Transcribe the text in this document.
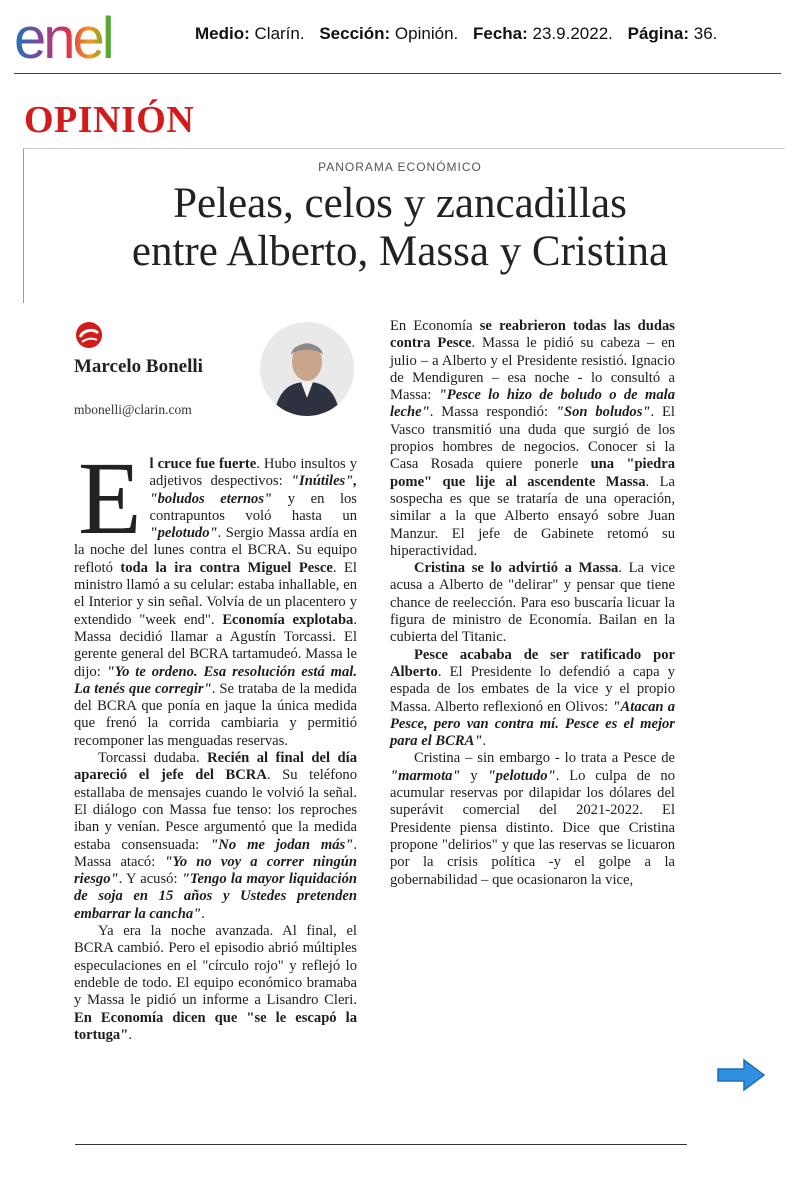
enel	Medio: Clarín. Sección: Opinión. Fecha: 23.9.2022. Página: 36.
OPINIÓN
PANORAMA ECONÓMICO
Peleas, celos y zancadillas
entre Alberto, Massa y Cristina
Marcelo Bonelli
mbonelli@clarin.com
E l cruce fue fuerte. Hubo insultos y adjetivos despectivos: "Inútiles", "boludos eternos" y en los contrapuntos voló hasta un "pelotudo". Sergio Massa ardía en la noche del lunes contra el BCRA. Su equipo reflotó toda la ira contra Miguel Pesce. El ministro llamó a su celular: estaba inhallable, en el Interior y sin señal. Volvía de un placentero y extendido "week end". Economía explotaba. Massa decidió llamar a Agustín Torcassi. El gerente general del BCRA tartamudeó. Massa le dijo: "Yo te ordeno. Esa resolución está mal. La tenés que corregir". Se trataba de la medida del BCRA que ponía en jaque la única medida que frenó la corrida cambiaria y permitió recomponer las menguadas reservas.

Torcassi dudaba. Recién al final del día apareció el jefe del BCRA. Su teléfono estallaba de mensajes cuando le volvió la señal. El diálogo con Massa fue tenso: los reproches iban y venían. Pesce argumentó que la medida estaba consensuada: "No me jodan más". Massa atacó: "Yo no voy a correr ningún riesgo". Y acusó: "Tengo la mayor liquidación de soja en 15 años y Ustedes pretenden embarrar la cancha".

Ya era la noche avanzada. Al final, el BCRA cambió. Pero el episodio abrió múltiples especulaciones en el "círculo rojo" y reflejó lo endeble de todo. El equipo económico bramaba y Massa le pidió un informe a Lisandro Cleri. En Economía dicen que "se le escapó la tortuga".

En Economía se reabrieron todas las dudas contra Pesce. Massa le pidió su cabeza – en julio – a Alberto y el Presidente resistió. Ignacio de Mendiguren – esa noche - lo consultó a Massa: "Pesce lo hizo de boludo o de mala leche". Massa respondió: "Son boludos". El Vasco transmitió una duda que surgió de los propios hombres de negocios. Conocer si la Casa Rosada quiere ponerle una "piedra pome" que lije al ascendente Massa. La sospecha es que se trataría de una operación, similar a la que Alberto ensayó sobre Juan Manzur. El jefe de Gabinete retomó su hiperactividad.

Cristina se lo advirtió a Massa. La vice acusa a Alberto de "delirar" y pensar que tiene chance de reelección. Para eso buscaría licuar la figura de ministro de Economía. Bailan en la cubierta del Titanic.

Pesce acababa de ser ratificado por Alberto. El Presidente lo defendió a capa y espada de los embates de la vice y el propio Massa. Alberto reflexionó en Olivos: "Atacan a Pesce, pero van contra mí. Pesce es el mejor para el BCRA".

Cristina – sin embargo - lo trata a Pesce de "marmota" y "pelotudo". Lo culpa de no acumular reservas por dilapidar los dólares del superávit comercial del 2021-2022. El Presidente piensa distinto. Dice que Cristina propone "delirios" y que las reservas se licuaron por la crisis política -y el golpe a la gobernabilidad – que ocasionaron la vice,
